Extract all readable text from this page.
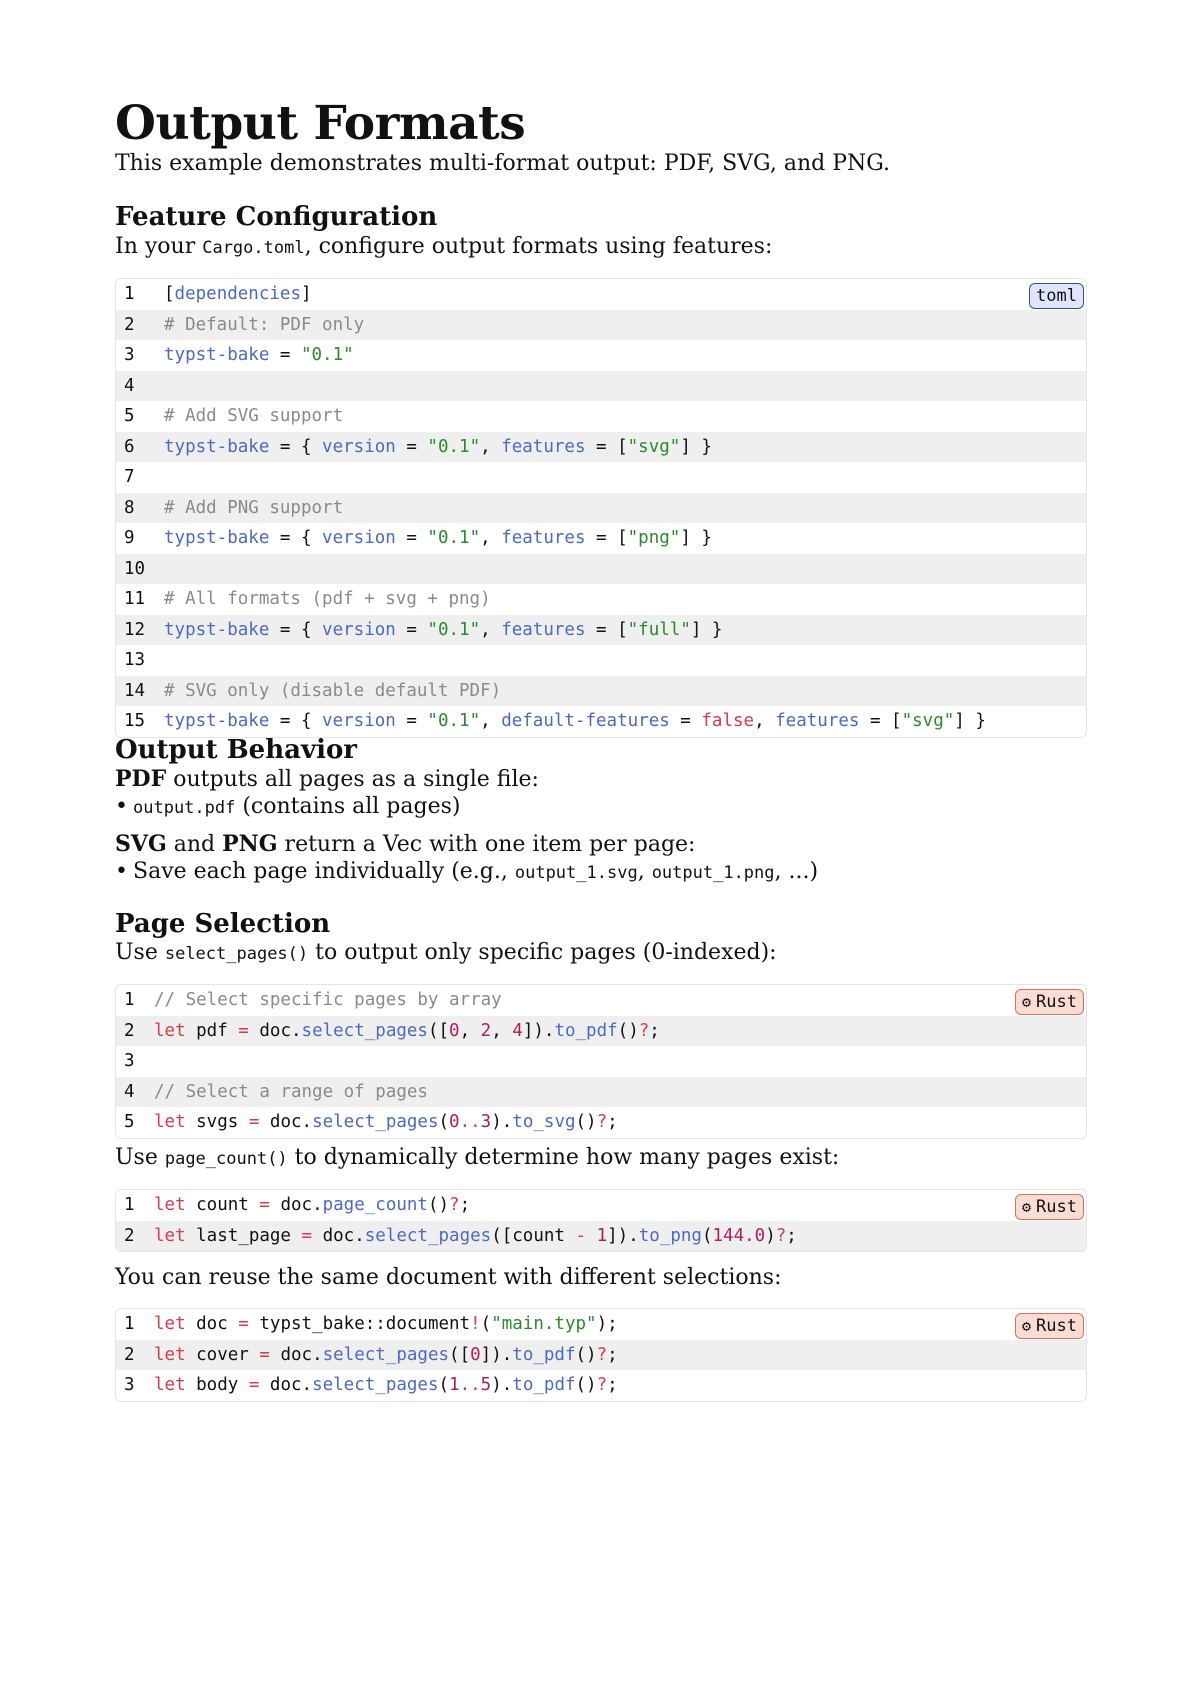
Output Formats

This example demonstrates multi-format output: PDF, SVG, and PNG.

Feature Configuration

In your Cargo.toml, configure output formats using features:

toml
1	[ dependencies ]
2	# Default: PDF only
3	typst-bake = "0.1"
4
5	# Add SVG support
6	typst-bake = { version = "0.1" , features = [ "svg" ] }
7
8	# Add PNG support
9	typst-bake = { version = "0.1" , features = [ "png" ] }
10
11	# All formats (pdf + svg + png)
12	typst-bake = { version = "0.1" , features = [ "full" ] }
13
14	# SVG only (disable default PDF)
15	typst-bake = { version = "0.1" , default-features = false , features = [ "svg" ] }
Output Behavior

PDF outputs all pages as a single file:

• output.pdf (contains all pages)

SVG and PNG return a Vec with one item per page:

• Save each page individually (e.g., output_1.svg, output_1.png, ...)

Page Selection

Use select_pages() to output only specific pages (0-indexed):

⚙ Rust
1	// Select specific pages by array
2	let pdf = doc. select_pages ([ 0 , 2 , 4 ]). to_pdf () ? ;
3
4	// Select a range of pages
5	let svgs = doc. select_pages ( 0 .. 3 ). to_svg () ? ;

Use page_count() to dynamically determine how many pages exist:

⚙ Rust
1	let count = doc. page_count () ? ;
2	let last_page = doc. select_pages ([count -
1 ]). to_png ( 144.0 ) ? ;

You can reuse the same document with different selections:

⚙ Rust
1	let doc = typst_bake::document ! ( "main.typ" );
2	let cover = doc. select_pages ([ 0 ]). to_pdf () ? ;
3	let body = doc. select_pages ( 1 .. 5 ). to_pdf () ? ;
